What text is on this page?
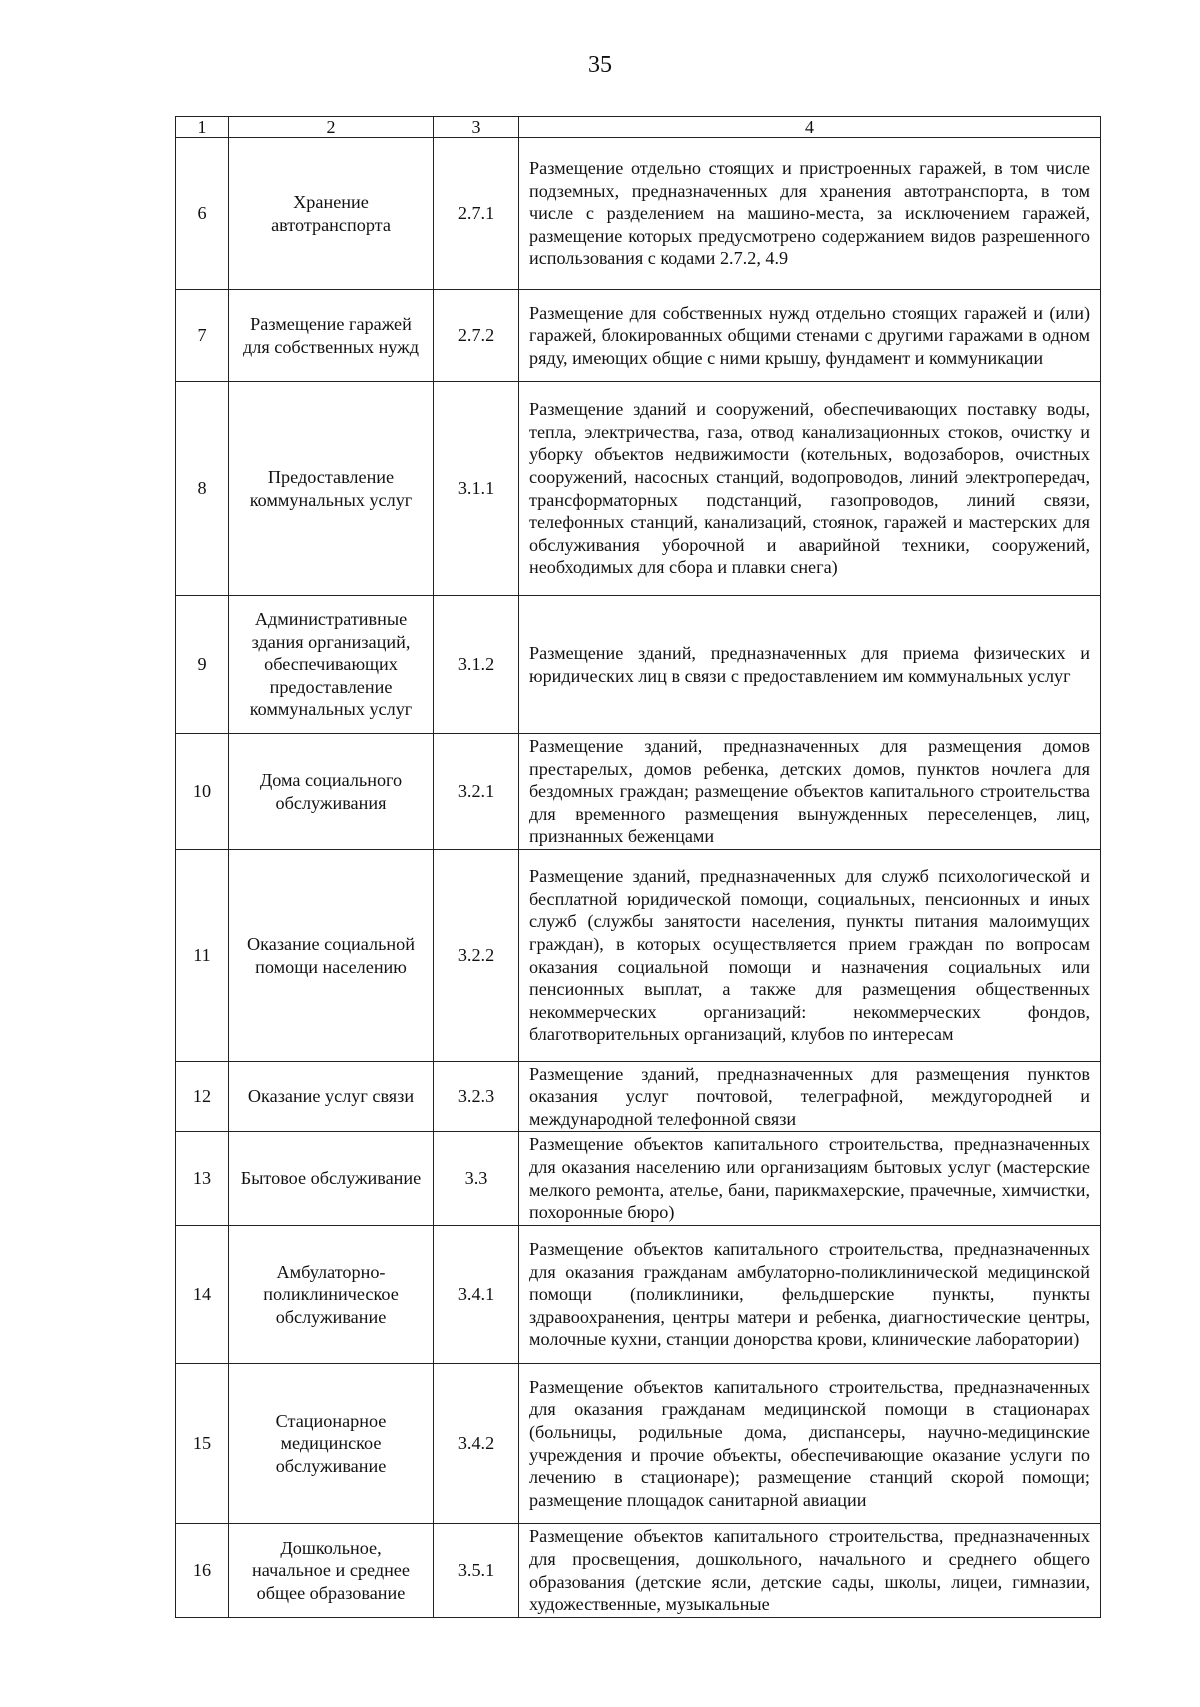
35
1	2	3	4
6	Хранение автотранспорта	2.7.1	Размещение отдельно стоящих и пристроенных гаражей, в том числе подземных, предназначенных для хранения автотранспорта, в том числе с разделением на машино-места, за исключением гаражей, размещение которых предусмотрено содержанием видов разрешенного использования с кодами 2.7.2, 4.9
7	Размещение гаражей для собственных нужд	2.7.2	Размещение для собственных нужд отдельно стоящих гаражей и (или) гаражей, блокированных общими стенами с другими гаражами в одном ряду, имеющих общие с ними крышу, фундамент и коммуникации
8	Предоставление коммунальных услуг	3.1.1	Размещение зданий и сооружений, обеспечивающих поставку воды, тепла, электричества, газа, отвод канализационных стоков, очистку и уборку объектов недвижимости (котельных, водозаборов, очистных сооружений, насосных станций, водопроводов, линий электропередач, трансформаторных подстанций, газопроводов, линий связи, телефонных станций, канализаций, стоянок, гаражей и мастерских для обслуживания уборочной и аварийной техники, сооружений, необходимых для сбора и плавки снега)
9	Административные здания организаций, обеспечивающих предоставление коммунальных услуг	3.1.2	Размещение зданий, предназначенных для приема физических и юридических лиц в связи с предоставлением им коммунальных услуг
10	Дома социального обслуживания	3.2.1	Размещение зданий, предназначенных для размещения домов престарелых, домов ребенка, детских домов, пунктов ночлега для бездомных граждан; размещение объектов капитального строительства для временного размещения вынужденных переселенцев, лиц, признанных беженцами
11	Оказание социальной помощи населению	3.2.2	Размещение зданий, предназначенных для служб психологической и бесплатной юридической помощи, социальных, пенсионных и иных служб (службы занятости населения, пункты питания малоимущих граждан), в которых осуществляется прием граждан по вопросам оказания социальной помощи и назначения социальных или пенсионных выплат, а также для размещения общественных некоммерческих организаций: некоммерческих фондов, благотворительных организаций, клубов по интересам
12	Оказание услуг связи	3.2.3	Размещение зданий, предназначенных для размещения пунктов оказания услуг почтовой, телеграфной, междугородней и международной телефонной связи
13	Бытовое обслуживание	3.3	Размещение объектов капитального строительства, предназначенных для оказания населению или организациям бытовых услуг (мастерские мелкого ремонта, ателье, бани, парикмахерские, прачечные, химчистки, похоронные бюро)
14	Амбулаторно-поликлиническое обслуживание	3.4.1	Размещение объектов капитального строительства, предназначенных для оказания гражданам амбулаторно-поликлинической медицинской помощи (поликлиники, фельдшерские пункты, пункты здравоохранения, центры матери и ребенка, диагностические центры, молочные кухни, станции донорства крови, клинические лаборатории)
15	Стационарное медицинское обслуживание	3.4.2	Размещение объектов капитального строительства, предназначенных для оказания гражданам медицинской помощи в стационарах (больницы, родильные дома, диспансеры, научно-медицинские учреждения и прочие объекты, обеспечивающие оказание услуги по лечению в стационаре); размещение станций скорой помощи; размещение площадок санитарной авиации
16	Дошкольное, начальное и среднее общее образование	3.5.1	Размещение объектов капитального строительства, предназначенных для просвещения, дошкольного, начального и среднего общего образования (детские ясли, детские сады, школы, лицеи, гимназии, художественные, музыкальные
